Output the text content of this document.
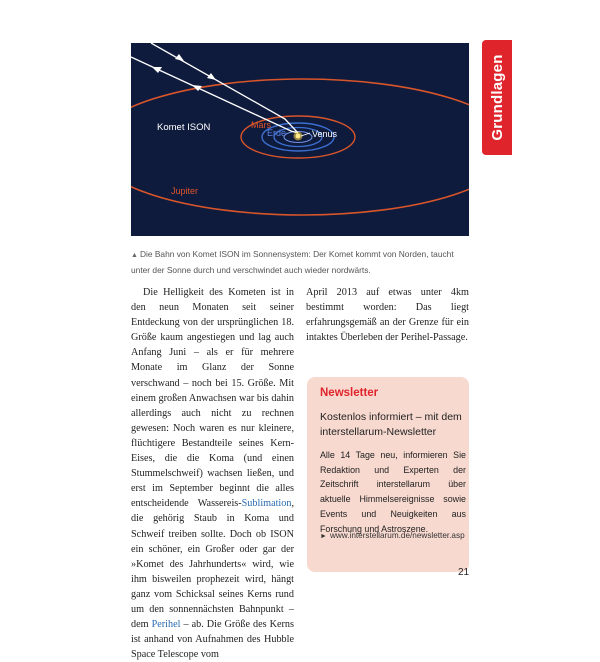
Komet ISON	Mars
Erde	Venus
Jupiter
Grundlagen
▲ Die Bahn von Komet ISON im Sonnensystem: Der Komet kommt von Norden, taucht unter der Sonne durch und verschwindet auch wieder nordwärts.
Die Helligkeit des Kometen ist in den neun Monaten seit seiner Entdeckung von der ursprünglichen 18. Größe kaum angestiegen und lag auch Anfang Juni – als er für mehrere Monate im Glanz der Sonne verschwand – noch bei 15. Größe. Mit einem großen Anwachsen war bis dahin allerdings auch nicht zu rechnen gewesen: Noch waren es nur kleinere, flüchtigere Bestandteile seines Kern-Eises, die die Koma (und einen Stummelschweif) wachsen ließen, und erst im September beginnt die alles entscheidende Wassereis-Sublimation, die gehörig Staub in Koma und Schweif treiben sollte. Doch ob ISON ein schöner, ein Großer oder gar der »Komet des Jahrhunderts« wird, wie ihm bisweilen prophezeit wird, hängt ganz vom Schicksal seines Kerns rund um den sonnennächsten Bahnpunkt – dem Perihel – ab. Die Größe des Kerns ist anhand von Aufnahmen des Hubble Space Telescope vom
April 2013 auf etwas unter 4km bestimmt worden: Das liegt erfahrungsgemäß an der Grenze für ein intaktes Überleben der Perihel-Passage.
Newsletter
Kostenlos informiert – mit dem interstellarum-Newsletter
Alle 14 Tage neu, informieren Sie Redaktion und Experten der Zeitschrift interstellarum über aktuelle Himmelsereignisse sowie Events und Neuigkeiten aus Forschung und Astroszene.
► www.interstellarum.de/newsletter.asp
21
